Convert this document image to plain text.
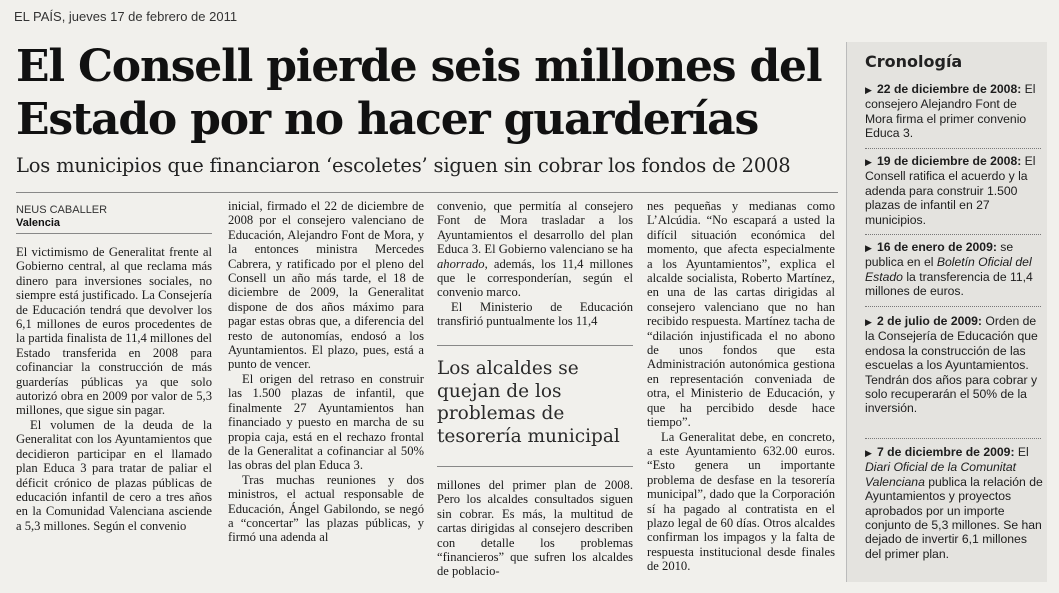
EL PAÍS, jueves 17 de febrero de 2011
El Consell pierde seis millones del
Estado por no hacer guarderías
Los municipios que financiaron ‘escoletes’ siguen sin cobrar los fondos de 2008
NEUS CABALLER
Valencia

El victimismo de Generalitat frente al Gobierno central, al que reclama más dinero para inversiones sociales, no siempre está justificado. La Consejería de Educación tendrá que devolver los 6,1 millones de euros procedentes de la partida finalista de 11,4 millones del Estado transferida en 2008 para cofinanciar la construcción de más guarderías públicas ya que solo autorizó obra en 2009 por valor de 5,3 millones, que sigue sin pagar.

El volumen de la deuda de la Generalitat con los Ayuntamientos que decidieron participar en el llamado plan Educa 3 para tratar de paliar el déficit crónico de plazas públicas de educación infantil de cero a tres años en la Comunidad Valenciana asciende a 5,3 millones. Según el convenio

inicial, firmado el 22 de diciembre de 2008 por el consejero valenciano de Educación, Alejandro Font de Mora, y la entonces ministra Mercedes Cabrera, y ratificado por el pleno del Consell un año más tarde, el 18 de diciembre de 2009, la Generalitat dispone de dos años máximo para pagar estas obras que, a diferencia del resto de autonomías, endosó a los Ayuntamientos. El plazo, pues, está a punto de vencer.

El origen del retraso en construir las 1.500 plazas de infantil, que finalmente 27 Ayuntamientos han financiado y puesto en marcha de su propia caja, está en el rechazo frontal de la Generalitat a cofinanciar al 50% las obras del plan Educa 3.

Tras muchas reuniones y dos ministros, el actual responsable de Educación, Ángel Gabilondo, se negó a “concertar” las plazas públicas, y firmó una adenda al

convenio, que permitía al consejero Font de Mora trasladar a los Ayuntamientos el desarrollo del plan Educa 3. El Gobierno valenciano se ha ahorrado, además, los 11,4 millones que le corresponderían, según el convenio marco.

El Ministerio de Educación transfirió puntualmente los 11,4

Los alcaldes se quejan de los problemas de tesorería municipal

millones del primer plan de 2008. Pero los alcaldes consultados siguen sin cobrar. Es más, la multitud de cartas dirigidas al consejero describen con detalle los problemas “financieros” que sufren los alcaldes de poblacio-

nes pequeñas y medianas como L’Alcúdia. “No escapará a usted la difícil situación económica del momento, que afecta especialmente a los Ayuntamientos”, explica el alcalde socialista, Roberto Martínez, en una de las cartas dirigidas al consejero valenciano que no han recibido respuesta. Martínez tacha de “dilación injustificada el no abono de unos fondos que esta Administración autonómica gestiona en representación conveniada de otra, el Ministerio de Educación, y que ha percibido desde hace tiempo”.

La Generalitat debe, en concreto, a este Ayuntamiento 632.00 euros. “Esto genera un importante problema de desfase en la tesorería municipal”, dado que la Corporación sí ha pagado al contratista en el plazo legal de 60 días. Otros alcaldes confirman los impagos y la falta de respuesta institucional desde finales de 2010.

Cronología
▶ 22 de diciembre de 2008: El consejero Alejandro Font de Mora firma el primer convenio Educa 3.
▶ 19 de diciembre de 2008: El Consell ratifica el acuerdo y la adenda para construir 1.500 plazas de infantil en 27 municipios.
▶ 16 de enero de 2009: se publica en el Boletín Oficial del Estado la transferencia de 11,4 millones de euros.
▶ 2 de julio de 2009: Orden de la Consejería de Educación que endosa la construcción de las escuelas a los Ayuntamientos. Tendrán dos años para cobrar y solo recuperarán el 50% de la inversión.
▶ 7 de diciembre de 2009: El Diari Oficial de la Comunitat Valenciana publica la relación de Ayuntamientos y proyectos aprobados por un importe conjunto de 5,3 millones. Se han dejado de invertir 6,1 millones del primer plan.
